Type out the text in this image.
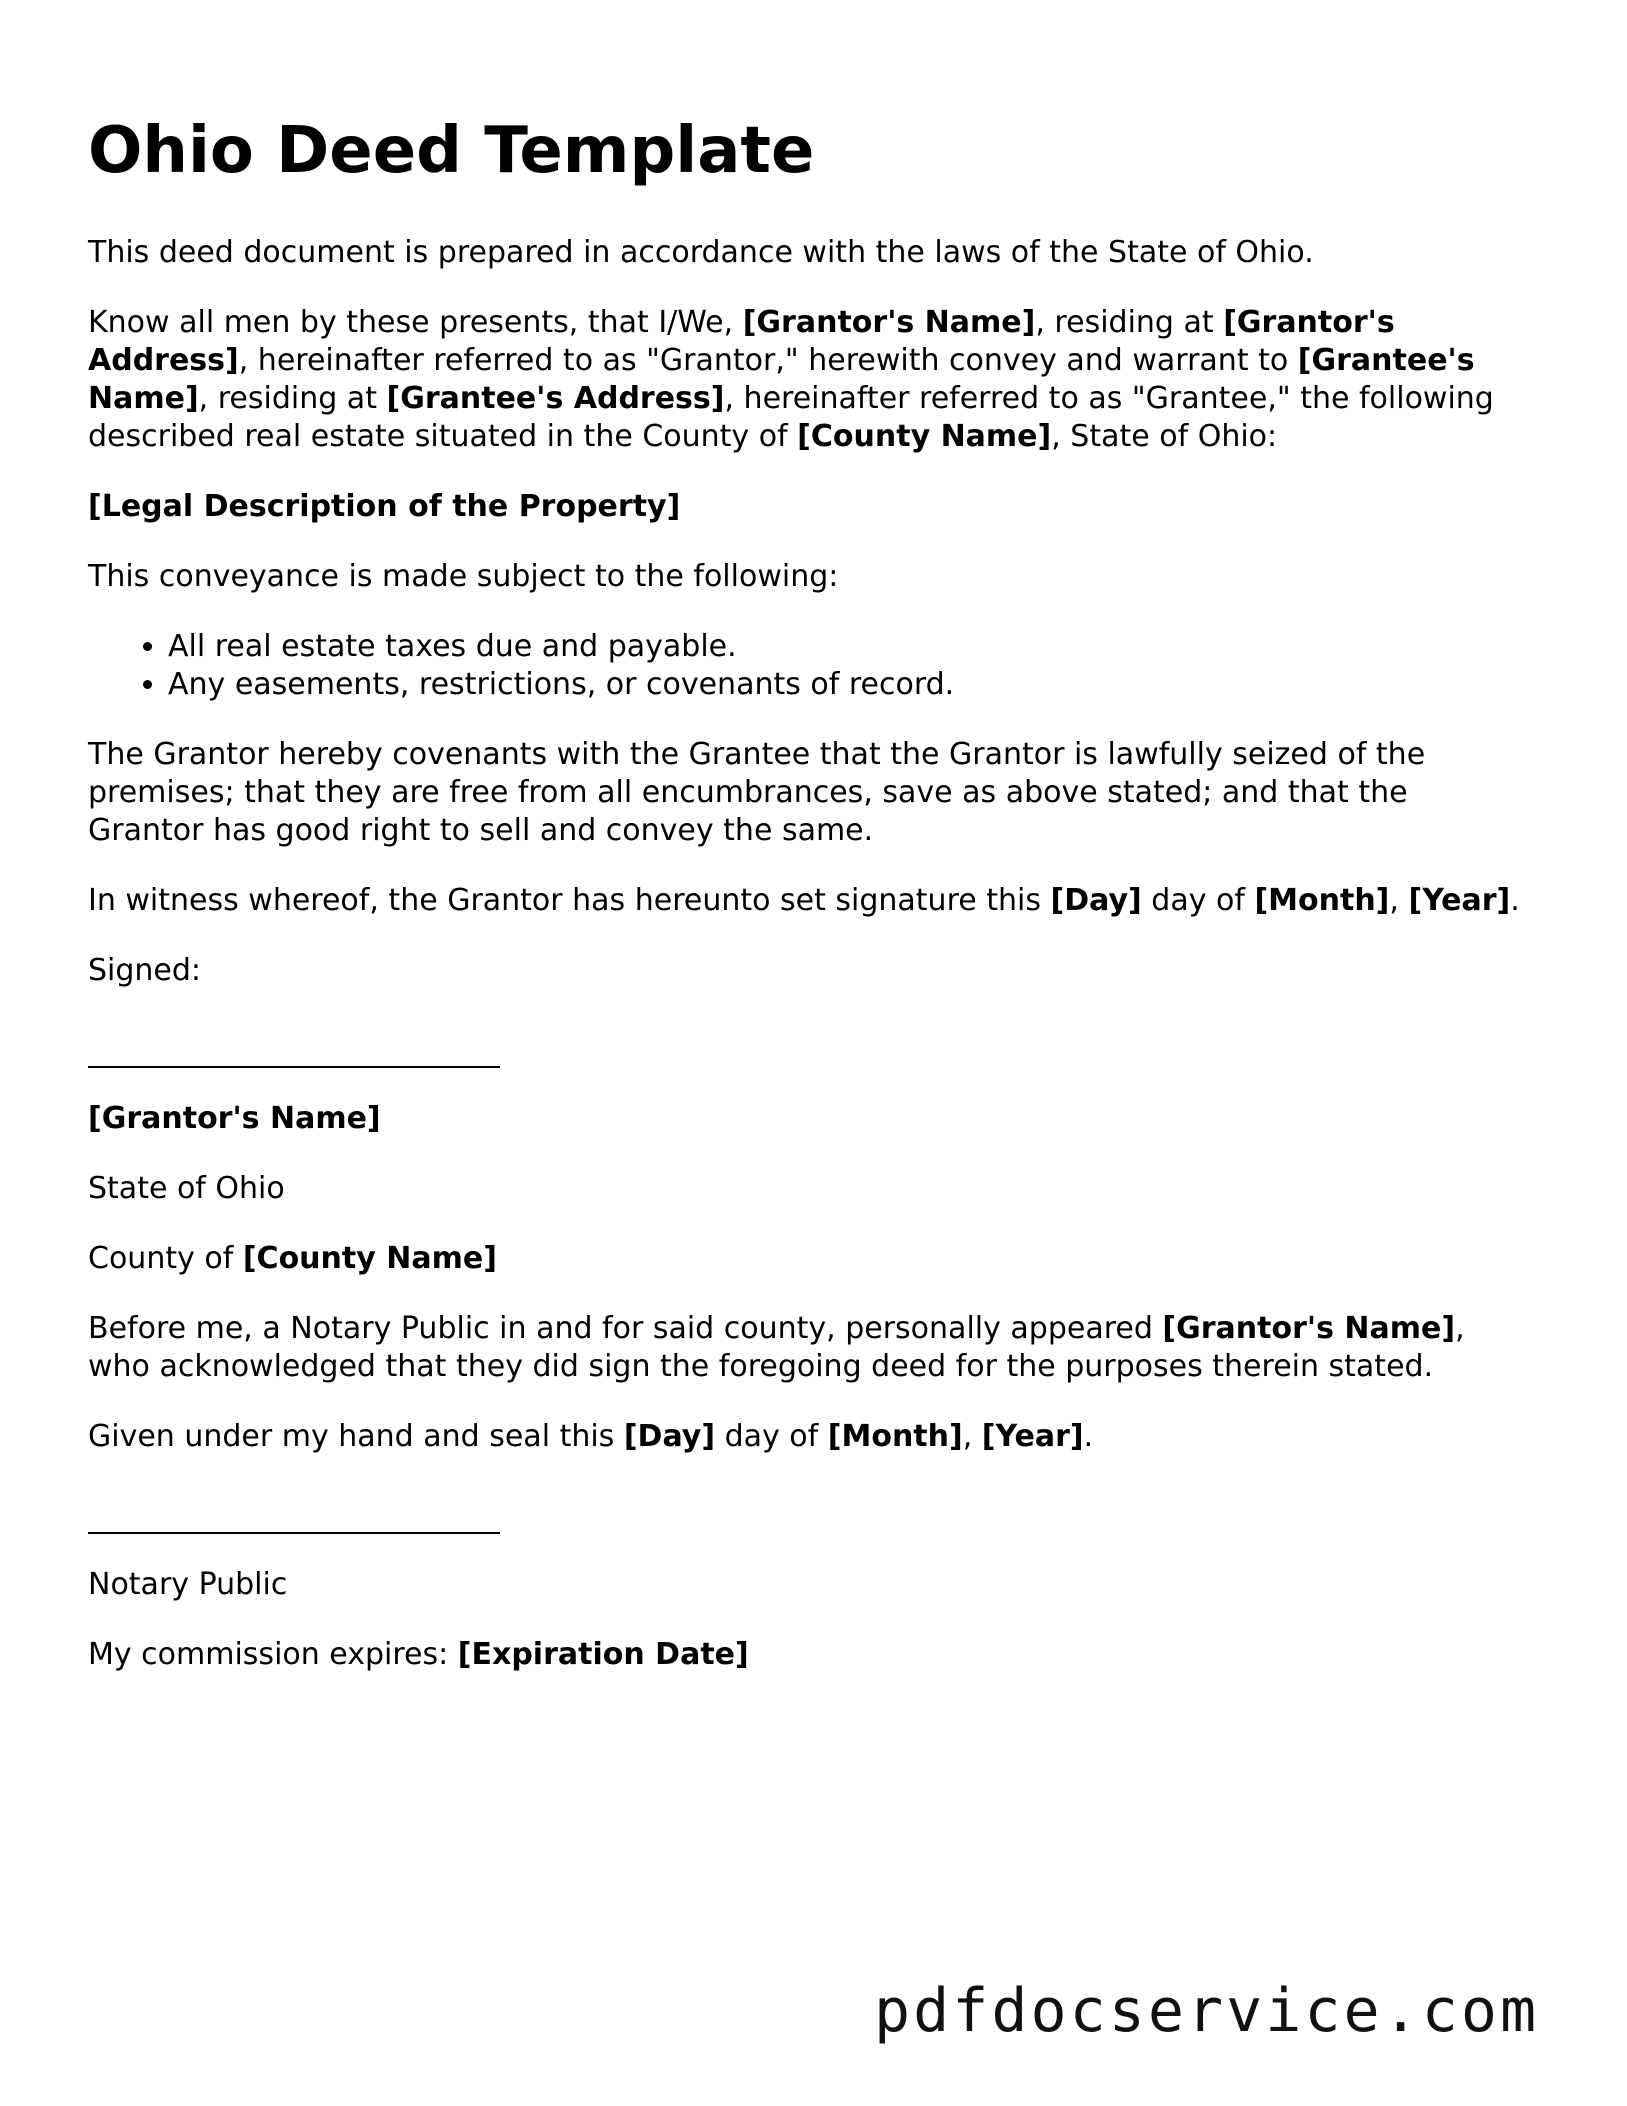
Ohio Deed Template

This deed document is prepared in accordance with the laws of the State of Ohio.

Know all men by these presents, that I/We, [Grantor's Name], residing at [Grantor's Address], hereinafter referred to as "Grantor," herewith convey and warrant to [Grantee's Name], residing at [Grantee's Address], hereinafter referred to as "Grantee," the following described real estate situated in the County of [County Name], State of Ohio:

[Legal Description of the Property]

This conveyance is made subject to the following:

• All real estate taxes due and payable.
• Any easements, restrictions, or covenants of record.

The Grantor hereby covenants with the Grantee that the Grantor is lawfully seized of the premises; that they are free from all encumbrances, save as above stated; and that the Grantor has good right to sell and convey the same.

In witness whereof, the Grantor has hereunto set signature this [Day] day of [Month], [Year].

Signed:

[Grantor's Name]

State of Ohio

County of [County Name]

Before me, a Notary Public in and for said county, personally appeared [Grantor's Name], who acknowledged that they did sign the foregoing deed for the purposes therein stated.

Given under my hand and seal this [Day] day of [Month], [Year].

Notary Public

My commission expires: [Expiration Date]

pdfdocservice.com
